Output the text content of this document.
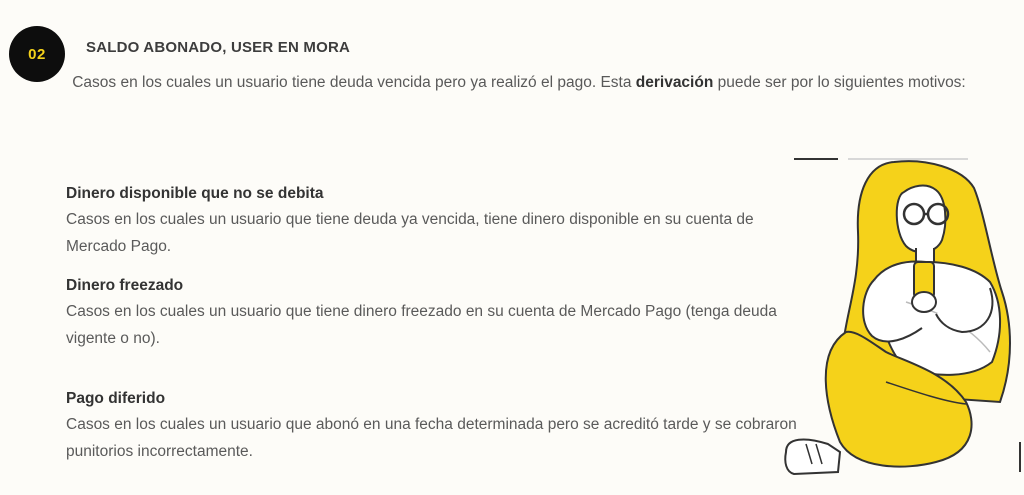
02	SALDO ABONADO, USER EN MORA
Casos en los cuales un usuario tiene deuda vencida pero ya realizó el pago. Esta derivación puede ser por lo siguientes motivos:
Dinero disponible que no se debita

Casos en los cuales un usuario que tiene deuda ya vencida, tiene dinero disponible en su cuenta de Mercado Pago.

Dinero freezado

Casos en los cuales un usuario que tiene dinero freezado en su cuenta de Mercado Pago (tenga deuda vigente o no).

Pago diferido

Casos en los cuales un usuario que abonó en una fecha determinada pero se acreditó tarde y se cobraron punitorios incorrectamente.
